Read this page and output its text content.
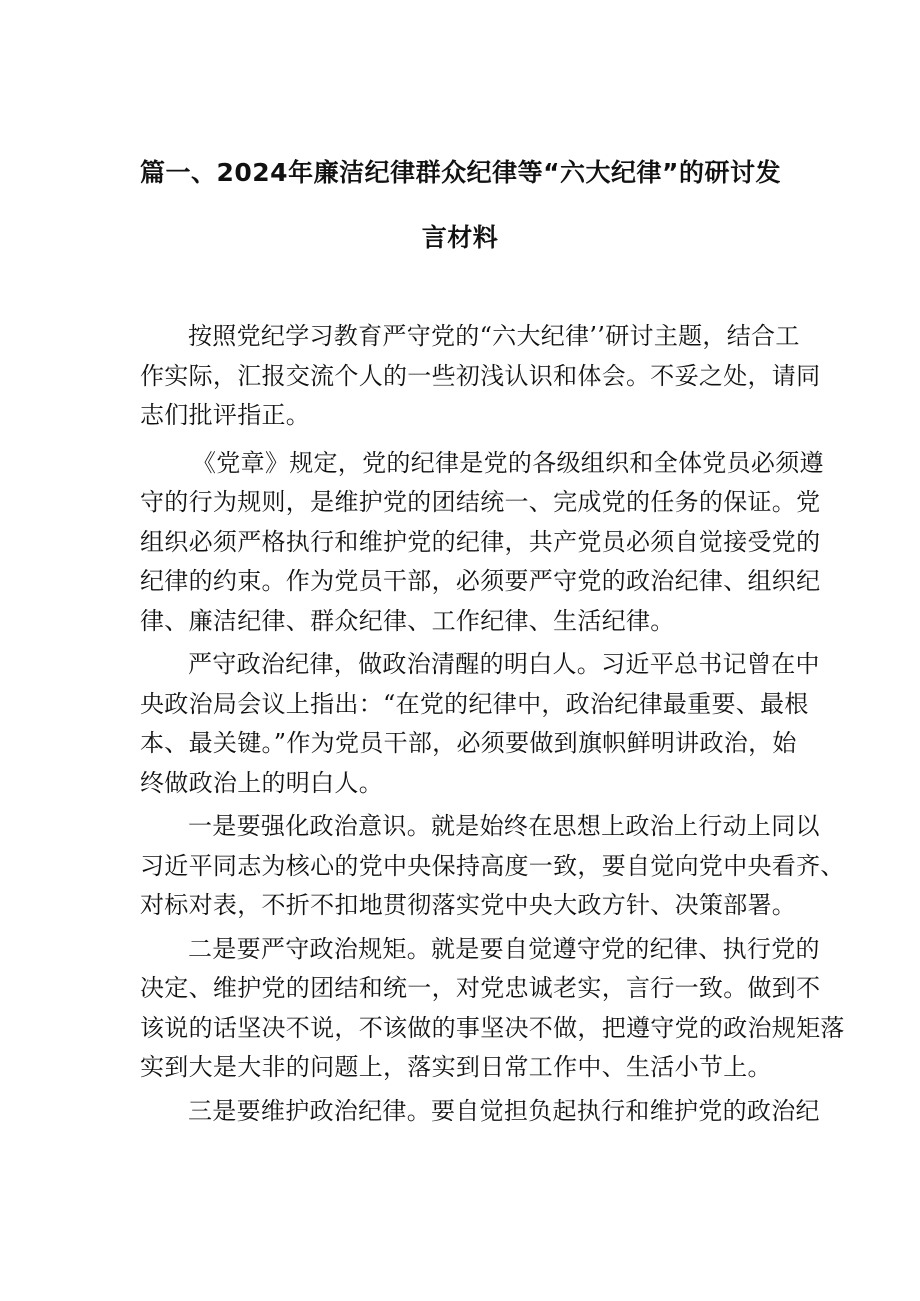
篇一、2024年廉洁纪律群众纪律等“六大纪律”的研讨发
言材料
按照党纪学习教育严守党的“六大纪律’’研讨主题，结合工
作实际，汇报交流个人的一些初浅认识和体会。不妥之处，请同
志们批评指正。
《党章》规定，党的纪律是党的各级组织和全体党员必须遵
守的行为规则，是维护党的团结统一、完成党的任务的保证。党
组织必须严格执行和维护党的纪律，共产党员必须自觉接受党的
纪律的约束。作为党员干部，必须要严守党的政治纪律、组织纪
律、廉洁纪律、群众纪律、工作纪律、生活纪律。
严守政治纪律，做政治清醒的明白人。习近平总书记曾在中
央政治局会议上指出：“在党的纪律中，政治纪律最重要、最根
本、最关键。”作为党员干部，必须要做到旗帜鲜明讲政治，始
终做政治上的明白人。
一是要强化政治意识。就是始终在思想上政治上行动上同以
习近平同志为核心的党中央保持高度一致，要自觉向党中央看齐、
对标对表，不折不扣地贯彻落实党中央大政方针、决策部署。
二是要严守政治规矩。就是要自觉遵守党的纪律、执行党的
决定、维护党的团结和统一，对党忠诚老实，言行一致。做到不
该说的话坚决不说，不该做的事坚决不做，把遵守党的政治规矩落
实到大是大非的问题上，落实到日常工作中、生活小节上。
三是要维护政治纪律。要自觉担负起执行和维护党的政治纪
